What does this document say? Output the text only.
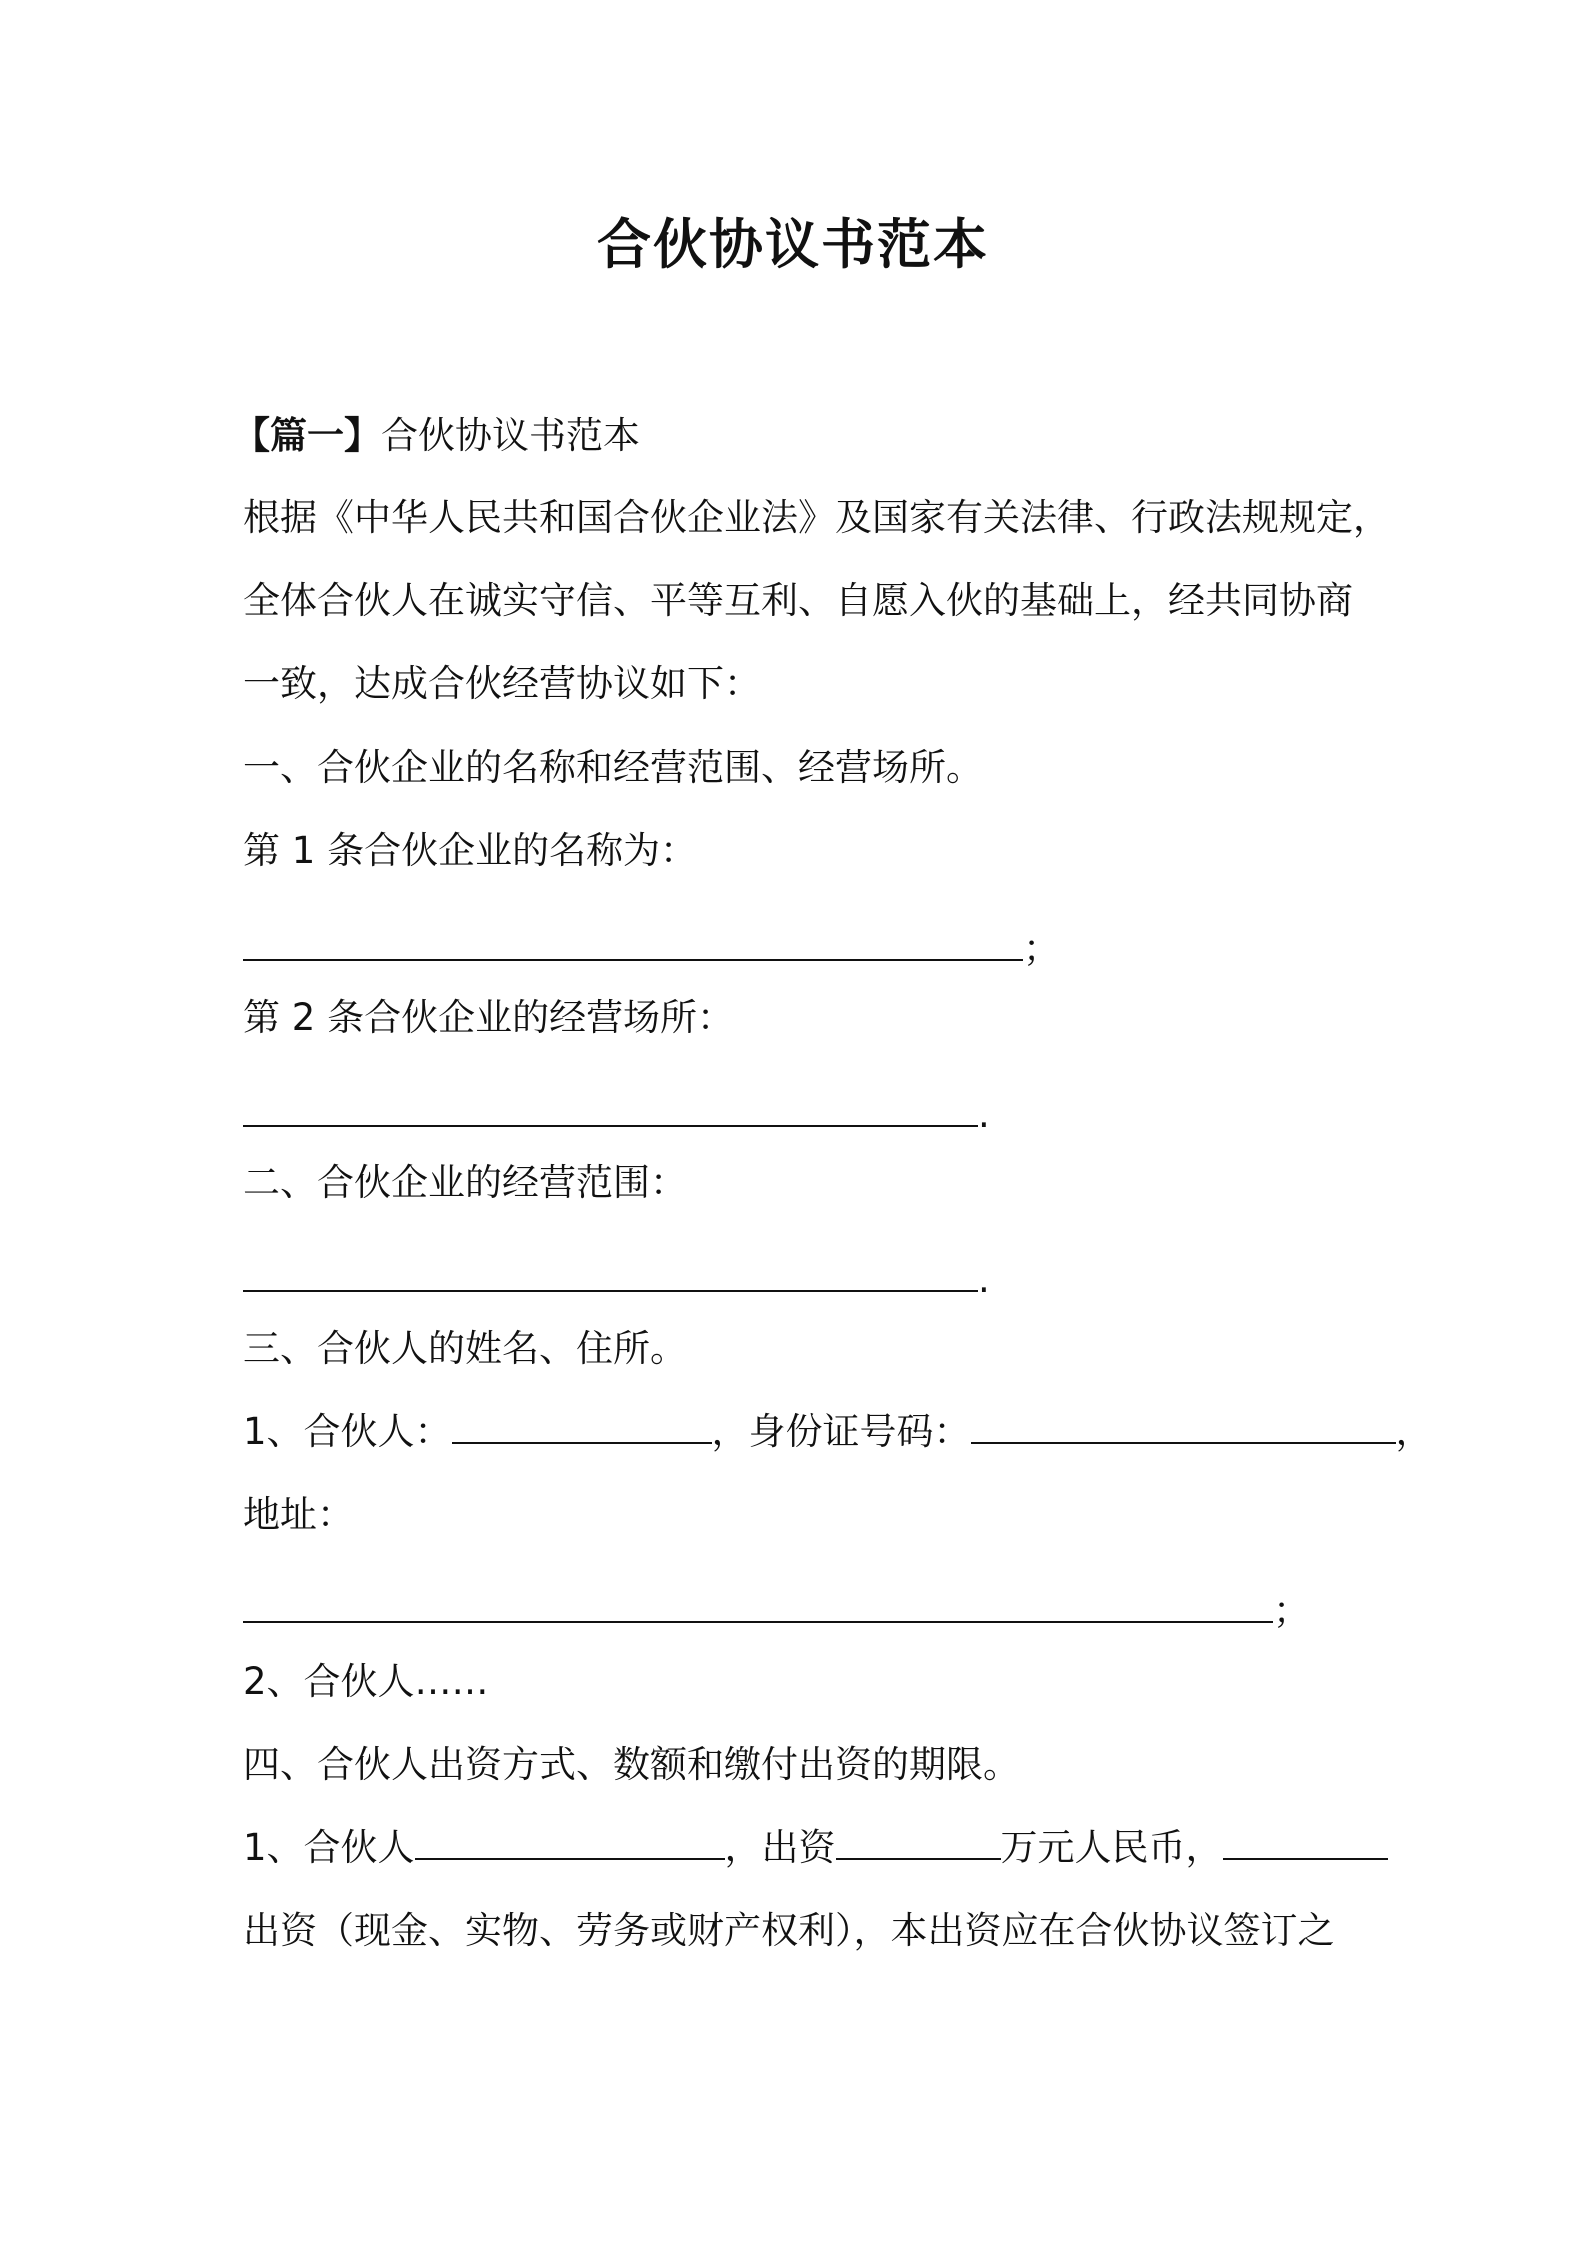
合伙协议书范本
【篇一】合伙协议书范本
根据《中华人民共和国合伙企业法》及国家有关法律、行政法规规定，
全体合伙人在诚实守信、平等互利、自愿入伙的基础上，经共同协商
一致，达成合伙经营协议如下：
一、合伙企业的名称和经营范围、经营场所。
第 1 条合伙企业的名称为：
；
第 2 条合伙企业的经营场所：
.
二、合伙企业的经营范围：
.
三、合伙人的姓名、住所。
1、合伙人：	，身份证号码：	，
地址：
；
2、合伙人……
四、合伙人出资方式、数额和缴付出资的期限。
1、合伙人	，出资	万元人民币，
出资（现金、实物、劳务或财产权利），本出资应在合伙协议签订之
